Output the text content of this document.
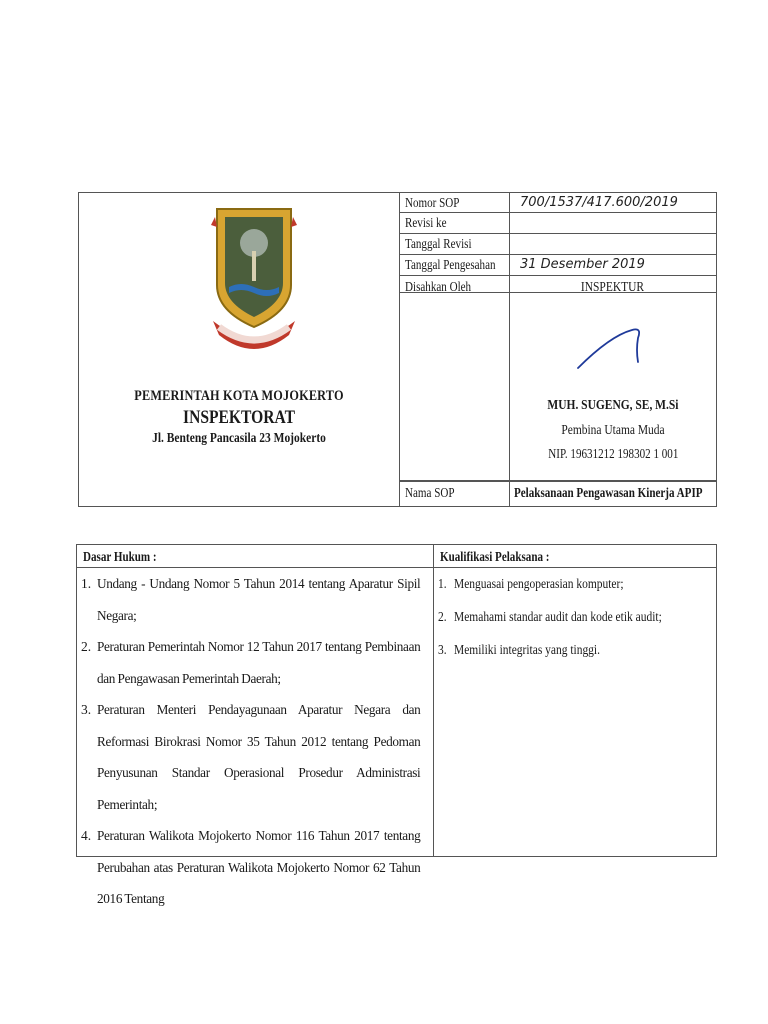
PEMERINTAH KOTA MOJOKERTO
INSPEKTORAT
Jl. Benteng Pancasila 23 Mojokerto
Nomor SOP	700/1537/417.600/2019
Revisi ke
Tanggal Revisi
Tanggal Pengesahan	31 Desember 2019
Disahkan Oleh	INSPEKTUR
MUH. SUGENG, SE, M.Si
Pembina Utama Muda
NIP. 19631212 198302 1 001
Nama SOP	Pelaksanaan Pengawasan Kinerja APIP
Dasar Hukum :
1. Undang - Undang Nomor 5 Tahun 2014 tentang Aparatur Sipil Negara;
2. Peraturan Pemerintah Nomor 12 Tahun 2017 tentang Pembinaan dan Pengawasan Pemerintah Daerah;
3. Peraturan Menteri Pendayagunaan Aparatur Negara dan Reformasi Birokrasi Nomor 35 Tahun 2012 tentang Pedoman Penyusunan Standar Operasional Prosedur Administrasi Pemerintah;
4. Peraturan Walikota Mojokerto Nomor 116 Tahun 2017 tentang Perubahan atas Peraturan Walikota Mojokerto Nomor 62 Tahun 2016 Tentang
Kualifikasi Pelaksana :
1. Menguasai pengoperasian komputer;
2. Memahami standar audit dan kode etik audit;
3. Memiliki integritas yang tinggi.
